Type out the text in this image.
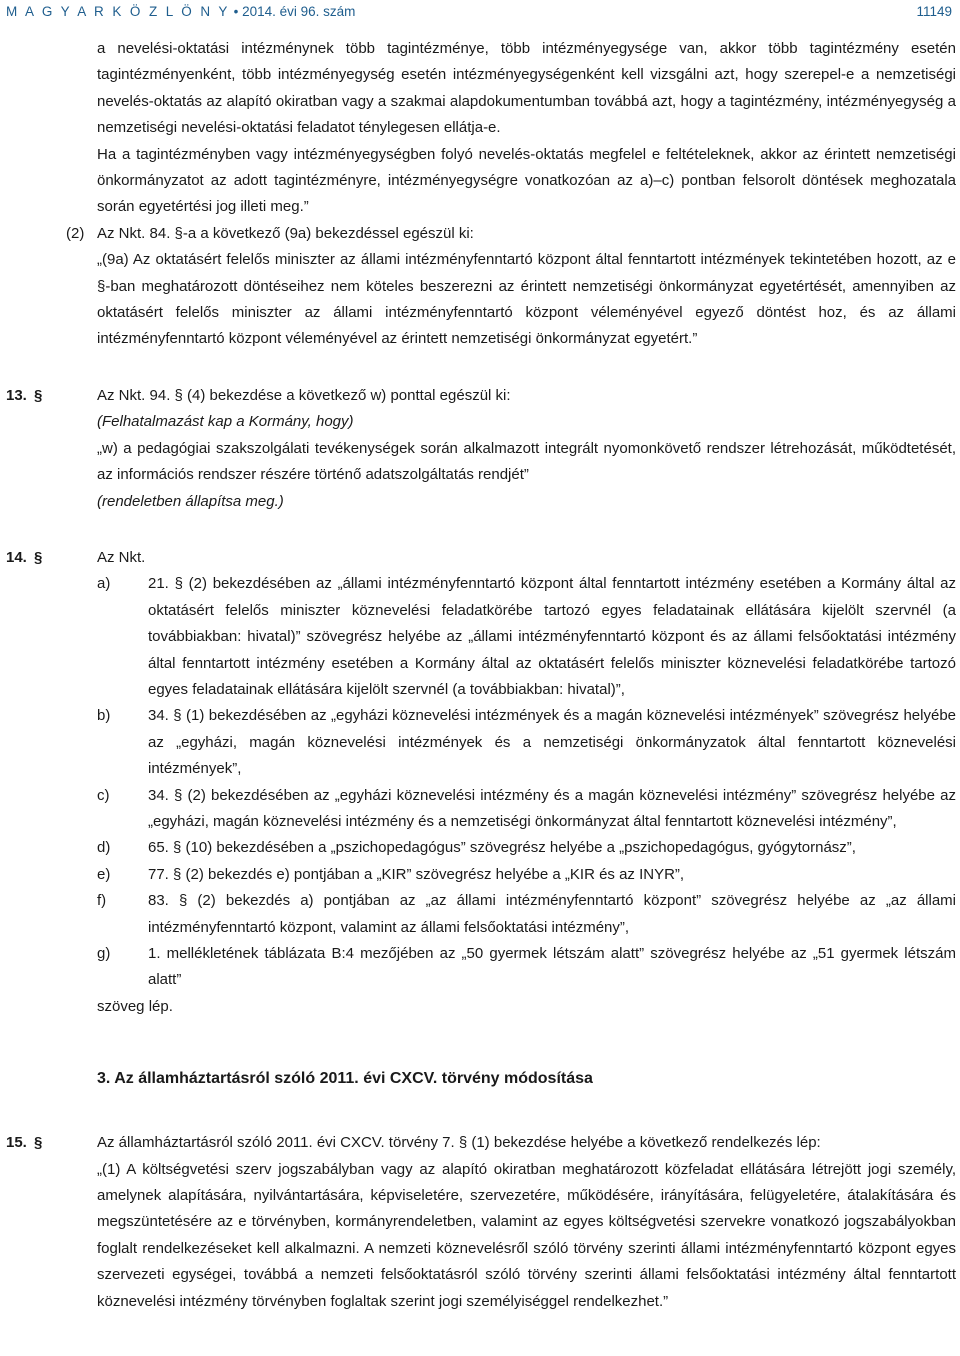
M A G Y A R K Ö Z L Ö N Y • 2014. évi 96. szám	11149

a nevelési-oktatási intézménynek több tagintézménye, több intézményegysége van, akkor több tagintézmény esetén tagintézményenként, több intézményegység esetén intézményegységenként kell vizsgálni azt, hogy szerepel-e a nemzetiségi nevelés-oktatás az alapító okiratban vagy a szakmai alapdokumentumban továbbá azt, hogy a tagintézmény, intézményegység a nemzetiségi nevelési-oktatási feladatot ténylegesen ellátja-e.

Ha a tagintézményben vagy intézményegységben folyó nevelés-oktatás megfelel e feltételeknek, akkor az érintett nemzetiségi önkormányzatot az adott tagintézményre, intézményegységre vonatkozóan az a)–c) pontban felsorolt döntések meghozatala során egyetértési jog illeti meg.”

(2) Az Nkt. 84. §-a a következő (9a) bekezdéssel egészül ki:

„(9a) Az oktatásért felelős miniszter az állami intézményfenntartó központ által fenntartott intézmények tekintetében hozott, az e §-ban meghatározott döntéseihez nem köteles beszerezni az érintett nemzetiségi önkormányzat egyetértését, amennyiben az oktatásért felelős miniszter az állami intézményfenntartó központ véleményével egyező döntést hoz, és az állami intézményfenntartó központ véleményével az érintett nemzetiségi önkormányzat egyetért.”

13. §	Az Nkt. 94. § (4) bekezdése a következő w) ponttal egészül ki:

(Felhatalmazást kap a Kormány, hogy)

„w) a pedagógiai szakszolgálati tevékenységek során alkalmazott integrált nyomonkövető rendszer létrehozását, működtetését, az információs rendszer részére történő adatszolgáltatás rendjét”

(rendeletben állapítsa meg.)

14. §	Az Nkt.

a)	21. § (2) bekezdésében az „állami intézményfenntartó központ által fenntartott intézmény esetében a Kormány által az oktatásért felelős miniszter köznevelési feladatkörébe tartozó egyes feladatainak ellátására kijelölt szervnél (a továbbiakban: hivatal)” szövegrész helyébe az „állami intézményfenntartó központ és az állami felsőoktatási intézmény által fenntartott intézmény esetében a Kormány által az oktatásért felelős miniszter köznevelési feladatkörébe tartozó egyes feladatainak ellátására kijelölt szervnél (a továbbiakban: hivatal)”,

b)	34. § (1) bekezdésében az „egyházi köznevelési intézmények és a magán köznevelési intézmények” szövegrész helyébe az „egyházi, magán köznevelési intézmények és a nemzetiségi önkormányzatok által fenntartott köznevelési intézmények”,

c)	34. § (2) bekezdésében az „egyházi köznevelési intézmény és a magán köznevelési intézmény” szövegrész helyébe az „egyházi, magán köznevelési intézmény és a nemzetiségi önkormányzat által fenntartott köznevelési intézmény”,

d)	65. § (10) bekezdésében a „pszichopedagógus” szövegrész helyébe a „pszichopedagógus, gyógytornász”,

e)	77. § (2) bekezdés e) pontjában a „KIR” szövegrész helyébe a „KIR és az INYR”,

f)	83. § (2) bekezdés a) pontjában az „az állami intézményfenntartó központ” szövegrész helyébe az „az állami intézményfenntartó központ, valamint az állami felsőoktatási intézmény”,

g)	1. mellékletének táblázata B:4 mezőjében az „50 gyermek létszám alatt” szövegrész helyébe az „51 gyermek létszám alatt”

szöveg lép.

3. Az államháztartásról szóló 2011. évi CXCV. törvény módosítása

15. §	Az államháztartásról szóló 2011. évi CXCV. törvény 7. § (1) bekezdése helyébe a következő rendelkezés lép:

„(1) A költségvetési szerv jogszabályban vagy az alapító okiratban meghatározott közfeladat ellátására létrejött jogi személy, amelynek alapítására, nyilvántartására, képviseletére, szervezetére, működésére, irányítására, felügyeletére, átalakítására és megszüntetésére az e törvényben, kormányrendeletben, valamint az egyes költségvetési szervekre vonatkozó jogszabályokban foglalt rendelkezéseket kell alkalmazni. A nemzeti köznevelésről szóló törvény szerinti állami intézményfenntartó központ egyes szervezeti egységei, továbbá a nemzeti felsőoktatásról szóló törvény szerinti állami felsőoktatási intézmény által fenntartott köznevelési intézmény törvényben foglaltak szerint jogi személyiséggel rendelkezhet.”
